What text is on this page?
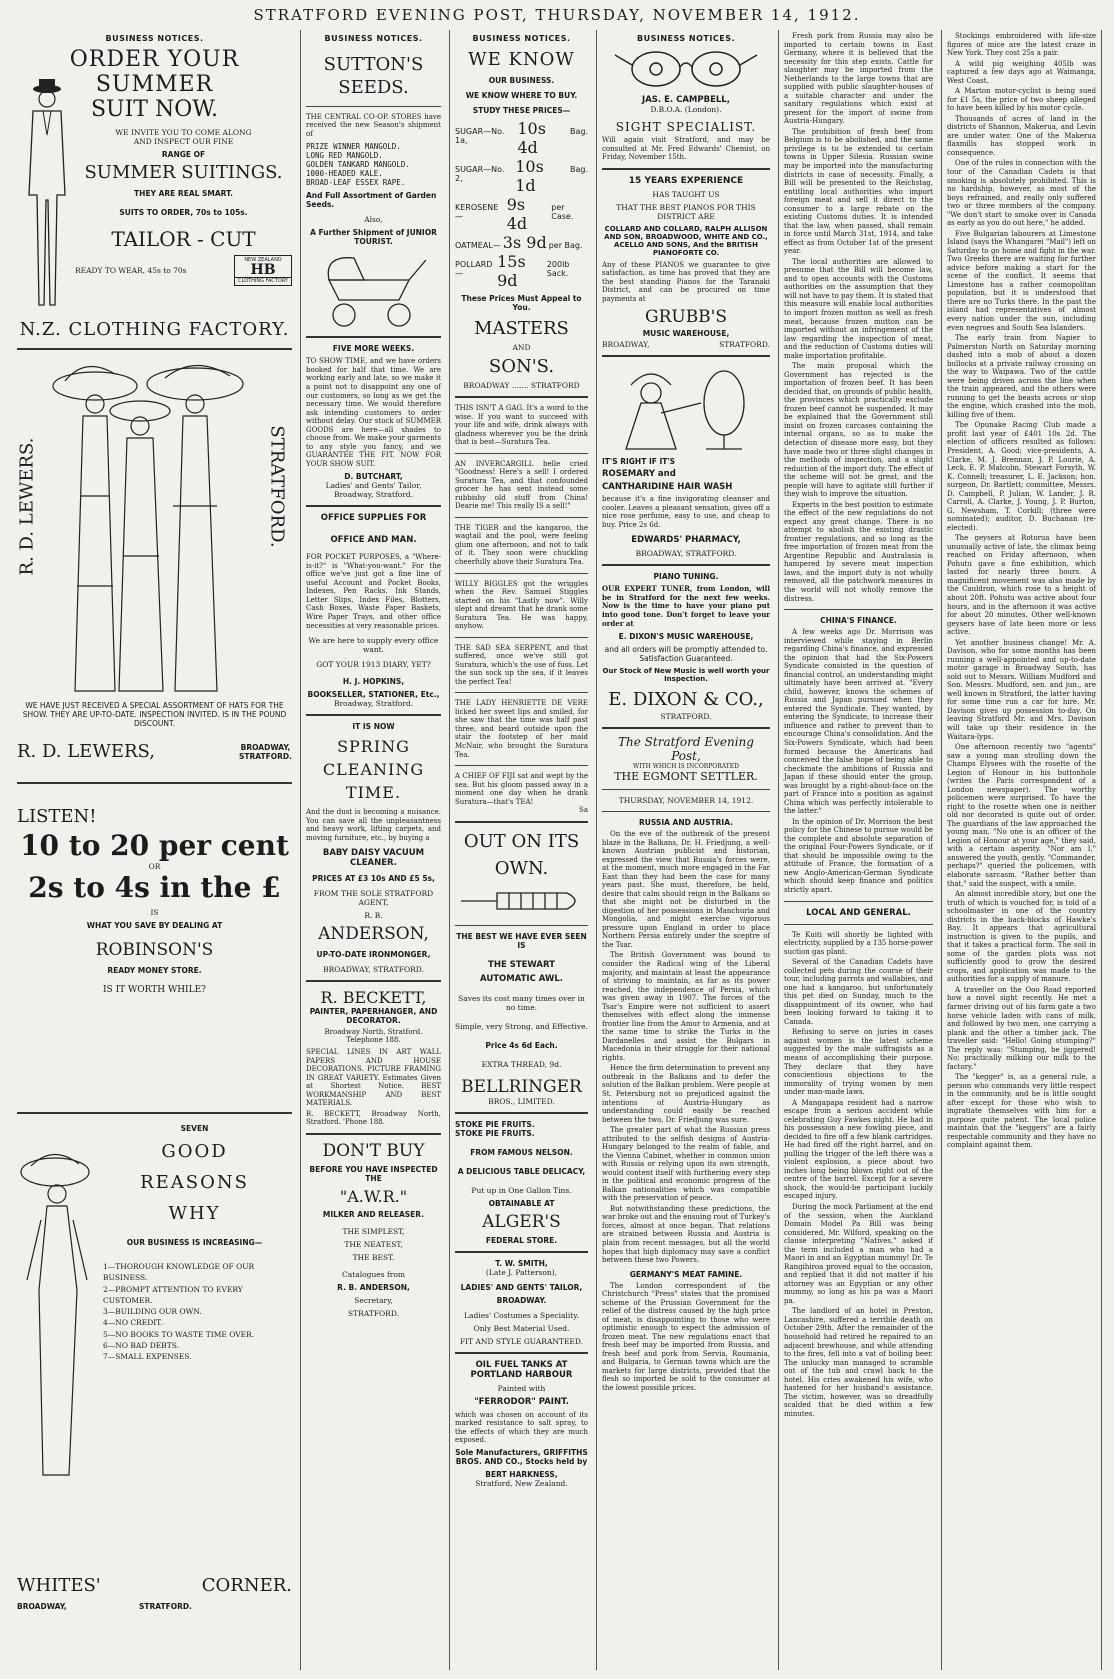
STRATFORD EVENING POST, THURSDAY, NOVEMBER 14, 1912.
BUSINESS NOTICES.
ORDER YOUR SUMMER
SUIT NOW.
WE INVITE YOU TO COME ALONG
AND INSPECT OUR FINE
RANGE OF
SUMMER SUITINGS.
THEY ARE REAL SMART.
SUITS TO ORDER, 70s to 105s.
TAILOR - CUT
READY TO WEAR, 45s to 70s
NEW ZEALAND
HB
CLOTHING FACTORY
N.Z. CLOTHING FACTORY.
R. D. LEWERS.	STRATFORD.
WE HAVE JUST RECEIVED A SPECIAL ASSORTMENT OF HATS FOR THE SHOW. THEY ARE UP-TO-DATE. INSPECTION INVITED. IS IN THE POUND DISCOUNT.
R. D. LEWERS,	BROADWAY,
STRATFORD.
LISTEN!
10 to 20 per cent
OR
2s to 4s in the £
IS
WHAT YOU SAVE BY DEALING AT
ROBINSON'S
READY MONEY STORE.
IS IT WORTH WHILE?
SEVEN
GOOD
REASONS
WHY
OUR BUSINESS IS INCREASING—
1—THOROUGH KNOWLEDGE OF OUR BUSINESS.
2—PROMPT ATTENTION TO EVERY CUSTOMER.
3—BUILDING OUR OWN.
4—NO CREDIT.
5—NO BOOKS TO WASTE TIME OVER.
6—NO BAD DEBTS.
7—SMALL EXPENSES.
WHITES'	CORNER.
BROADWAY,	STRATFORD.
BUSINESS NOTICES.
SUTTON'S SEEDS.
THE CENTRAL CO-OP. STORES have received the new Season's shipment of
PRIZE WINNER MANGOLD.
LONG RED MANGOLD.
GOLDEN TANKARD MANGOLD.
1000-HEADED KALE.
BROAD-LEAF ESSEX RAPE.
And Full Assortment of Garden Seeds.
Also,
A Further Shipment of JUNIOR TOURIST.
FIVE MORE WEEKS.
TO SHOW TIME, and we have orders booked for half that time. We are working early and late, so we make it a point not to disappoint any one of our customers, so long as we get the necessary time. We would therefore ask intending customers to order without delay. Our stock of SUMMER GOODS are here—all shades to choose from. We make your garments to any style you fancy, and we GUARANTEE THE FIT. NOW FOR YOUR SHOW SUIT.
D. BUTCHART,
Ladies' and Gents' Tailor,
Broadway, Stratford.
OFFICE SUPPLIES FOR
OFFICE AND MAN.
FOR POCKET PURPOSES, a "Where-is-it?" is "What-you-want." For the office we've just got a fine line of useful Account and Pocket Books, Indexes, Pen Racks, Ink Stands, Letter Slips, Index Files, Blotters, Cash Boxes, Waste Paper Baskets, Wire Paper Trays, and other office necessities at very reasonable prices.
We are here to supply every office want.
GOT YOUR 1913 DIARY, YET?
H. J. HOPKINS,
BOOKSELLER, STATIONER, Etc.,
Broadway, Stratford.
IT IS NOW
SPRING
CLEANING
TIME.
And the dust is becoming a nuisance. You can save all the unpleasantness and heavy work, lifting carpets, and moving furniture, etc., by buying a
BABY DAISY VACUUM CLEANER.
PRICES AT £3 10s AND £5 5s,
FROM THE SOLE STRATFORD AGENT,
R. B.
ANDERSON,
UP-TO-DATE IRONMONGER,
BROADWAY, STRATFORD.
R. BECKETT,
PAINTER, PAPERHANGER, AND DECORATOR.
Broadway North, Stratford. Telephone 188.
SPECIAL LINES IN ART WALL PAPERS AND HOUSE DECORATIONS. PICTURE FRAMING IN GREAT VARIETY. Estimates Given at Shortest Notice. BEST WORKMANSHIP AND BEST MATERIALS.
R. BECKETT, Broadway North, Stratford. 'Phone 188.
DON'T BUY
BEFORE YOU HAVE INSPECTED THE
"A.W.R."
MILKER AND RELEASER.
THE SIMPLEST,
THE NEATEST,
THE BEST.
Catalogues from
R. B. ANDERSON,
Secretary,
STRATFORD.
BUSINESS NOTICES.
WE KNOW
OUR BUSINESS.
WE KNOW WHERE TO BUY.
STUDY THESE PRICES—
SUGAR—No. 1a,
10s 4d
Bag.
SUGAR—No. 2,
10s 1d
Bag.
KEROSENE—
9s 4d
per Case.
OATMEAL— 3s 9d per Bag.
POLLARD—
15s 9d
200lb Sack.
These Prices Must Appeal to You.
MASTERS
AND
SON'S.
BROADWAY ....... STRATFORD
THIS ISN'T A GAG. It's a word to the wise. If you want to succeed with your life and wife, drink always with gladness wherever you be the drink that is best—Suratura Tea.
AN INVERCARGILL belle cried "Goodness! Here's a sell! I ordered Suratura Tea, and that confounded grocer he has sent instead some rubbishy old stuff from China! Dearie me! This really IS a sell!"
THE TIGER and the kangaroo, the wagtail and the pool, were feeling glum one afternoon, and not to talk of it. They soon were chuckling cheerfully above their Suratura Tea.
WILLY BIGGLES got the wriggles when the Rev. Samuel Stiggles started on his "Lastly now". Willy slept and dreamt that he drank some Suratura Tea. He was happy, anyhow.
THE SAD SEA SERPENT, and that suffered, once we've still got Suratura, which's the use of fuss. Let the sun sock up the sea, if it leaves the perfect Tea!
THE LADY HENRIETTE DE VERE licked her sweet lips and smiled, for she saw that the time was half past three, and beard outside upon the stair the footstep of her maid McNair, who brought the Suratura Tea.
A CHIEF OF FIJI sat and wept by the sea. But his gloom passed away in a moment one day when he drank Suratura—that's TEA!
Sa
OUT ON ITS
OWN.
THE BEST WE HAVE EVER SEEN IS
THE STEWART
AUTOMATIC AWL.
Saves its cost many times over in no time.
Simple, very Strong, and Effective.
Price 4s 6d Each.
EXTRA THREAD, 9d.
BELLRINGER
BROS., LIMITED.
STOKE PIE FRUITS.
STOKE PIE FRUITS.
FROM FAMOUS NELSON.
A DELICIOUS TABLE DELICACY,
Put up in One Gallon Tins.
OBTAINABLE AT
ALGER'S
FEDERAL STORE.
T. W. SMITH,
(Late J. Patterson),
LADIES' AND GENTS' TAILOR,
BROADWAY.
Ladies' Costumes a Speciality.
Only Best Material Used.
FIT AND STYLE GUARANTEED.
OIL FUEL TANKS AT
PORTLAND HARBOUR
Painted with
"FERRODOR" PAINT.
which was chosen on account of its marked resistance to salt spray, to the effects of which they are much exposed.
Sole Manufacturers, GRIFFITHS BROS. AND CO., Stocks held by
BERT HARKNESS,
Stratford, New Zealand.
BUSINESS NOTICES.
JAS. E. CAMPBELL,
D.B.O.A. (London).
SIGHT SPECIALIST.
Will again visit Stratford, and may be consulted at Mr. Fred Edwards' Chemist, on Friday, November 15th.
15 YEARS EXPERIENCE
HAS TAUGHT US
THAT THE BEST PIANOS FOR THIS DISTRICT ARE
COLLARD AND COLLARD, RALPH ALLISON AND SON, BROADWOOD, WHITE AND CO., ACELLO AND SONS, And the BRITISH PIANOFORTE CO.
Any of these PIANOS we guarantee to give satisfaction, as time has proved that they are the best standing Pianos for the Taranaki District, and can be procured on time payments at
GRUBB'S
MUSIC WAREHOUSE,
BROADWAY,	STRATFORD.
IT'S RIGHT IF IT'S
ROSEMARY and
CANTHARIDINE HAIR WASH
because it's a fine invigorating cleanser and cooler. Leaves a pleasant sensation, gives off a nice rose perfume, easy to use, and cheap to buy. Price 2s 6d.
EDWARDS' PHARMACY,
BROADWAY, STRATFORD.
PIANO TUNING.
OUR EXPERT TUNER, from London, will be in Stratford for the next few weeks. Now is the time to have your piano put into good tone. Don't forget to leave your order at
E. DIXON'S MUSIC WAREHOUSE,
and all orders will be promptly attended to. Satisfaction Guaranteed.
Our Stock of New Music is well worth your Inspection.
E. DIXON & CO.,
STRATFORD.
The Stratford Evening Post,
WITH WHICH IS INCORPORATED
THE EGMONT SETTLER.
THURSDAY, NOVEMBER 14, 1912.
RUSSIA AND AUSTRIA.

On the eve of the outbreak of the present blaze in the Balkans, Dr. H. Friedjung, a well-known Austrian publicist and historian, expressed the view that Russia's forces were, at the moment, much more engaged in the Far East than they had been the case for many years past. She must, therefore, be held, desire that calm should reign in the Balkans so that she might not be disturbed in the digestion of her possessions in Manchuria and Mongolia, and might exercise vigorous pressure upon England in order to place Northern Persia entirely under the sceptre of the Tsar.

The British Government was bound to consider the Radical wing of the Liberal majority, and maintain at least the appearance of striving to maintain, as far as its power reached, the independence of Persia, which was given away in 1907. The forces of the Tsar's Empire were not sufficient to assert themselves with effect along the immense frontier line from the Amur to Armenia, and at the same time to strike the Turks in the Dardanelles and assist the Bulgars in Macedonia in their struggle for their national rights.

Hence the firm determination to prevent any outbreak in the Balkans and to defer the solution of the Balkan problem. Were people at St. Petersburg not so prejudiced against the intentions of Austria-Hungary as understanding could easily be reached between the two, Dr. Friedjung was sure.

The greater part of what the Russian press attributed to the selfish designs of Austria-Hungary belonged to the realm of fable, and the Vienna Cabinet, whether in common union with Russia or relying upon its own strength, would content itself with furthering every step in the political and economic progress of the Balkan nationalities which was compatible with the preservation of peace.

But notwithstanding these predictions, the war broke out and the ensuing rout of Turkey's forces, almost at once began. That relations are strained between Russia and Austria is plain from recent messages, but all the world hopes that high diplomacy may save a conflict between these two Powers.

GERMANY'S MEAT FAMINE.

The London correspondent of the Christchurch "Press" states that the promised scheme of the Prussian Government for the relief of the distress caused by the high price of meat, is disappointing to those who were optimistic enough to expect the admission of frozen meat. The new regulations enact that fresh beef may be imported from Russia, and fresh beef and pork from Servia, Roumania, and Bulgaria, to German towns which are the markets for large districts, provided that the flesh so imported be sold to the consumer at the lowest possible prices.

Fresh pork from Russia may also be imported to certain towns in East Germany, where it is believed that the necessity for this step exists. Cattle for slaughter may be imported from the Netherlands to the large towns that are supplied with public slaughter-houses of a suitable character and under the sanitary regulations which exist at present for the import of swine from Austria-Hungary.

The prohibition of fresh beef from Belgium is to be abolished, and the same privilege is to be extended to certain towns in Upper Silesia. Russian swine may be imported into the manufacturing districts in case of necessity. Finally, a Bill will be presented to the Reichstag, entitling local authorities who import foreign meat and sell it direct to the consumer to a large rebate on the existing Customs duties. It is intended that the law, when passed, shall remain in force until March 31st, 1914, and take effect as from October 1st of the present year.

The local authorities are allowed to presume that the Bill will become law, and to open accounts with the Customs authorities on the assumption that they will not have to pay them. It is stated that this measure will enable local authorities to import frozen mutton as well as fresh meat, because frozen mutton can be imported without an infringement of the law regarding the inspection of meat, and the reduction of Customs duties will make importation profitable.

The main proposal which the Government has rejected is the importation of frozen beef. It has been decided that, on grounds of public health, the provinces which practically exclude frozen beef cannot be suspended. It may be explained that the Government still insist on frozen carcases containing the internal organs, so as to make the detection of disease more easy, but they have made two or three slight changes in the methods of inspection, and a slight reduction of the import duty. The effect of the scheme will not be great, and the people will have to agitate still further if they wish to improve the situation.

Experts in the best position to estimate the effect of the new regulations do not expect any great change. There is no attempt to abolish the existing drastic frontier regulations, and so long as the free importation of frozen meat from the Argentine Republic and Australasia is hampered by severe meat inspection laws, and the import duty is not wholly removed, all the patchwork measures in the world will not wholly remove the distress.

CHINA'S FINANCE.

A few weeks ago Dr. Morrison was interviewed while staying in Berlin regarding China's finance, and expressed the opinion that had the Six-Powers Syndicate consisted in the question of financial control, an understanding might ultimately have been arrived at. "Every child, however, knows the schemes of Russia and Japan pursued when they entered the Syndicate. They wanted, by entering the Syndicate, to increase their influence and rather to prevent than to encourage China's consolidation. And the Six-Powers Syndicate, which had been formed because the Americans had conceived the false hope of being able to checkmate the ambitions of Russia and Japan if these should enter the group, was brought by a right-about-face on the part of France into a position as against China which was perfectly intolerable to the latter."

In the opinion of Dr. Morrison the best policy for the Chinese to pursue would be the complete and absolute separation of the original Four-Powers Syndicate, or if that should be impossible owing to the attitude of France, the formation of a new Anglo-American-German Syndicate which should keep finance and politics strictly apart.

LOCAL AND GENERAL.

Te Kuiti will shortly be lighted with electricity, supplied by a 135 horse-power suction gas plant.

Several of the Canadian Cadets have collected pets during the course of their tour, including parrots and wallabies, and one had a kangaroo, but unfortunately this pet died on Sunday, much to the disappointment of its owner, who had been looking forward to taking it to Canada.

Refusing to serve on juries in cases against women is the latest scheme suggested by the male suffragists as a means of accomplishing their purpose. They declare that they have conscientious objections to the immorality of trying women by men under man-made laws.

A Mangapapa resident had a narrow escape from a serious accident while celebrating Guy Fawkes night. He had in his possession a new fowling piece, and decided to fire off a few blank cartridges. He had fired off the right barrel, and on pulling the trigger of the left there was a violent explosion, a piece about two inches long being blown right out of the centre of the barrel. Except for a severe shock, the would-be participant luckily escaped injury.

During the mock Parliament at the end of the session, when the Auckland Domain Model Pa Bill was being considered, Mr. Wilford, speaking on the clause interpreting "Natives," asked if the term included a man who had a Maori in and an Egyptian mummy! Dr. Te Rangihiroa proved equal to the occasion, and replied that it did not matter if his attorney was an Egyptian or any other mummy, so long as his pa was a Maori pa.

The landlord of an hotel in Preston, Lancashire, suffered a terrible death on October 29th. After the remainder of the household had retired he repaired to an adjacent brewhouse, and while attending to the fires, fell into a vat of boiling beer. The unlucky man managed to scramble out of the tub and crawl back to the hotel. His cries awakened his wife, who hastened for her husband's assistance. The victim, however, was so dreadfully scalded that he died within a few minutes.

Stockings embroidered with life-size figures of mice are the latest craze in New York. They cost 25s a pair.

A wild pig weighing 405lb was captured a few days ago at Waimanga, West Coast.

A Marton motor-cyclist is being sued for £1 5s, the price of two sheep alleged to have been killed by his motor cycle.

Thousands of acres of land in the districts of Shannon, Makerua, and Levin are under water. One of the Makerua flaxmills has stopped work in consequence.

One of the rules in connection with the tour of the Canadian Cadets is that smoking is absolutely prohibited. This is no hardship, however, as most of the boys refrained, and really only suffered two or three members of the company. "We don't start to smoke over in Canada as early as you do out here," he added.

Five Bulgarian labourers at Limestone Island (says the Whangarei "Mail") left on Saturday to go home and fight in the war. Two Greeks there are waiting for further advice before making a start for the scene of the conflict. It seems that Limestone has a rather cosmopolitan population, but it is understood that there are no Turks there. In the past the island had representatives of almost every nation under the sun, including even negroes and South Sea Islanders.

The early train from Napier to Palmerston North on Saturday morning dashed into a mob of about a dozen bullocks at a private railway crossing on the way to Waipawa. Two of the cattle were being driven across the line when the train appeared, and the others were running to get the beasts across or stop the engine, which crashed into the mob, killing five of them.

The Opunake Racing Club made a profit last year of £401 10s 2d. The election of officers resulted as follows: President, A. Good; vice-presidents, A. Clarke, M. J. Brennan, J. P. Lourie, A. Leck, E. P. Malcolm, Stewart Forsyth, W. K. Connell; treasurer, L. E. Jackson; hon. surgeon, Dr. Bartlett; committee, Messrs. D. Campbell, P. Julian, W. Lander, J. R. Carroll, A. Clarke, J. Young, J. P. Burton, G. Newsham, T. Corkill; (three were nominated); auditor, D. Buchanan (re-elected).

The geysers at Rotorua have been unusually active of late, the climax being reached on Friday afternoon, when Pohutu gave a fine exhibition, which lasted for nearly three hours. A magnificent movement was also made by the Cauldron, which rose to a height of about 20ft. Pohutu was active about four hours, and in the afternoon it was active for about 20 minutes. Other well-known geysers have of late been more or less active.

Yet another business change! Mr. A. Davison, who for some months has been running a well-appointed and up-to-date motor garage in Broadway South, has sold out to Messrs. William Mudford and Son. Messrs. Mudford, sen. and jun., are well known in Stratford, the latter having for some time run a car for hire. Mr. Davison gives up possession to-day. On leaving Stratford Mr. and Mrs. Davison will take up their residence in the Waitara-lyps.

One afternoon recently two "agents" saw a young man strolling down the Champs Elysees with the rosette of the Legion of Honour in his buttonhole (writes the Paris correspondent of a London newspaper). The worthy policemen were surprised. To have the right to the rosette when one is neither old nor decorated is quite out of order. The guardians of the law approached the young man. "No one is an officer of the Legion of Honour at your age," they said, with a certain asperity. "Nor am I," answered the youth, gently. "Commander, perhaps?" queried the policemen, with elaborate sarcasm. "Rather better than that," said the suspect, with a smile.

An almost incredible story, but one the truth of which is vouched for, is told of a schoolmaster in one of the country districts in the back-blocks of Hawke's Bay. It appears that agricultural instruction is given to the pupils, and that it takes a practical form. The soil in some of the garden plots was not sufficiently good to grow the desired crops, and application was made to the authorities for a supply of manure.

A traveller on the Ooo Road reported how a novel sight recently. He met a farmer driving out of his farm gate a two horse vehicle laden with cans of milk, and followed by two men, one carrying a plank and the other a timber jack. The traveller said: "Hello! Going stumping?" The reply was: "Stumping, be jiggered! No; practically milking our milk to the factory."

The "kegger" is, as a general rule, a person who commands very little respect in the community, and he is little sought after except for those who wish to ingratiate themselves with him for a purpose quite patent. The local police maintain that the "keggers" are a fairly respectable community and they have no complaint against them.
